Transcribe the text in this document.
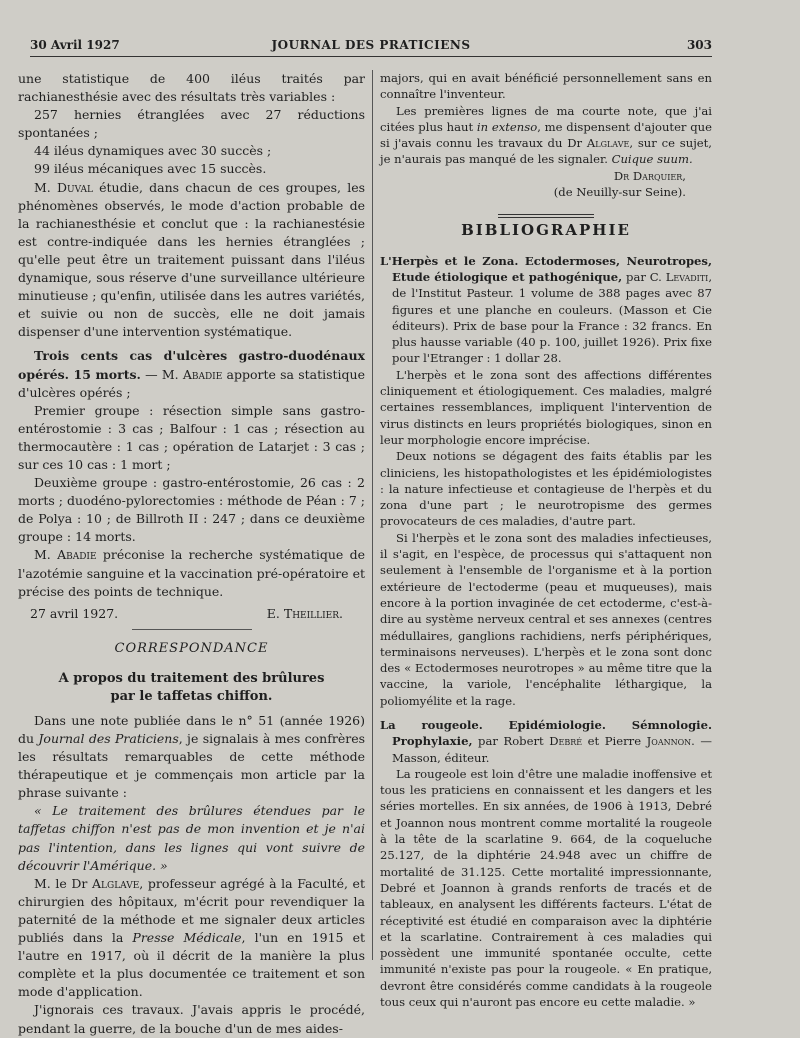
30 Avril 1927	JOURNAL DES PRATICIENS	303

une statistique de 400 iléus traités par rachianesthésie avec des résultats très variables :

257 hernies étranglées avec 27 réductions spontanées ;

44 iléus dynamiques avec 30 succès ;

99 iléus mécaniques avec 15 succès.

M. Duval étudie, dans chacun de ces groupes, les phénomènes observés, le mode d'action probable de la rachianesthésie et conclut que : la rachianestésie est contre-indiquée dans les hernies étranglées ; qu'elle peut être un traitement puissant dans l'iléus dynamique, sous réserve d'une surveillance ultérieure minutieuse ; qu'enfin, utilisée dans les autres variétés, et suivie ou non de succès, elle ne doit jamais dispenser d'une intervention systématique.

Trois cents cas d'ulcères gastro-duodénaux opérés. 15 morts. — M. Abadie apporte sa statistique d'ulcères opérés ;

Premier groupe : résection simple sans gastro-entérostomie : 3 cas ; Balfour : 1 cas ; résection au thermocautère : 1 cas ; opération de Latarjet : 3 cas ; sur ces 10 cas : 1 mort ;

Deuxième groupe : gastro-entérostomie, 26 cas : 2 morts ; duodéno-pylorectomies : méthode de Péan : 7 ; de Polya : 10 ; de Billroth II : 247 ; dans ce deuxième groupe : 14 morts.

M. Abadie préconise la recherche systématique de l'azotémie sanguine et la vaccination pré-opératoire et précise des points de technique.

27 avril 1927.	E. Theillier.
CORRESPONDANCE
A propos du traitement des brûlures
par le taffetas chiffon.

Dans une note publiée dans le n° 51 (année 1926) du Journal des Praticiens, je signalais à mes confrères les résultats remarquables de cette méthode thérapeutique et je commençais mon article par la phrase suivante :

« Le traitement des brûlures étendues par le taffetas chiffon n'est pas de mon invention et je n'ai pas l'intention, dans les lignes qui vont suivre de découvrir l'Amérique. »

M. le Dr Alglave, professeur agrégé à la Faculté, et chirurgien des hôpitaux, m'écrit pour revendiquer la paternité de la méthode et me signaler deux articles publiés dans la Presse Médicale, l'un en 1915 et l'autre en 1917, où il décrit de la manière la plus complète et la plus documentée ce traitement et son mode d'application.

J'ignorais ces travaux. J'avais appris le procédé, pendant la guerre, de la bouche d'un de mes aides-

majors, qui en avait bénéficié personnellement sans en connaître l'inventeur.

Les premières lignes de ma courte note, que j'ai citées plus haut in extenso, me dispensent d'ajouter que si j'avais connu les travaux du Dr Alglave, sur ce sujet, je n'aurais pas manqué de les signaler. Cuique suum.

Dr Darquier,
(de Neuilly-sur Seine).
BIBLIOGRAPHIE

L'Herpès et le Zona. Ectodermoses, Neurotropes, Etude étiologique et pathogénique, par C. Levaditi, de l'Institut Pasteur. 1 volume de 388 pages avec 87 figures et une planche en couleurs. (Masson et Cie éditeurs). Prix de base pour la France : 32 francs. En plus hausse variable (40 p. 100, juillet 1926). Prix fixe pour l'Etranger : 1 dollar 28.

L'herpès et le zona sont des affections différentes cliniquement et étiologiquement. Ces maladies, malgré certaines ressemblances, impliquent l'intervention de virus distincts en leurs propriétés biologiques, sinon en leur morphologie encore imprécise.

Deux notions se dégagent des faits établis par les cliniciens, les histopathologistes et les épidémiologistes : la nature infectieuse et contagieuse de l'herpès et du zona d'une part ; le neurotropisme des germes provocateurs de ces maladies, d'autre part.

Si l'herpès et le zona sont des maladies infectieuses, il s'agit, en l'espèce, de processus qui s'attaquent non seulement à l'ensemble de l'organisme et à la portion extérieure de l'ectoderme (peau et muqueuses), mais encore à la portion invaginée de cet ectoderme, c'est-à-dire au système nerveux central et ses annexes (centres médullaires, ganglions rachidiens, nerfs périphériques, terminaisons nerveuses). L'herpès et le zona sont donc des « Ectodermoses neurotropes » au même titre que la vaccine, la variole, l'encéphalite léthargique, la poliomyélite et la rage.

La rougeole. Epidémiologie. Sémnologie. Prophylaxie, par Robert Debré et Pierre Joannon. — Masson, éditeur.

La rougeole est loin d'être une maladie inoffensive et tous les praticiens en connaissent et les dangers et les séries mortelles. En six années, de 1906 à 1913, Debré et Joannon nous montrent comme mortalité la rougeole à la tête de la scarlatine 9. 664, de la coqueluche 25.127, de la diphtérie 24.948 avec un chiffre de mortalité de 31.125. Cette mortalité impressionnante, Debré et Joannon à grands renforts de tracés et de tableaux, en analysent les différents facteurs. L'état de réceptivité est étudié en comparaison avec la diphtérie et la scarlatine. Contrairement à ces maladies qui possèdent une immunité spontanée occulte, cette immunité n'existe pas pour la rougeole. « En pratique, devront être considérés comme candidats à la rougeole tous ceux qui n'auront pas encore eu cette maladie. »
